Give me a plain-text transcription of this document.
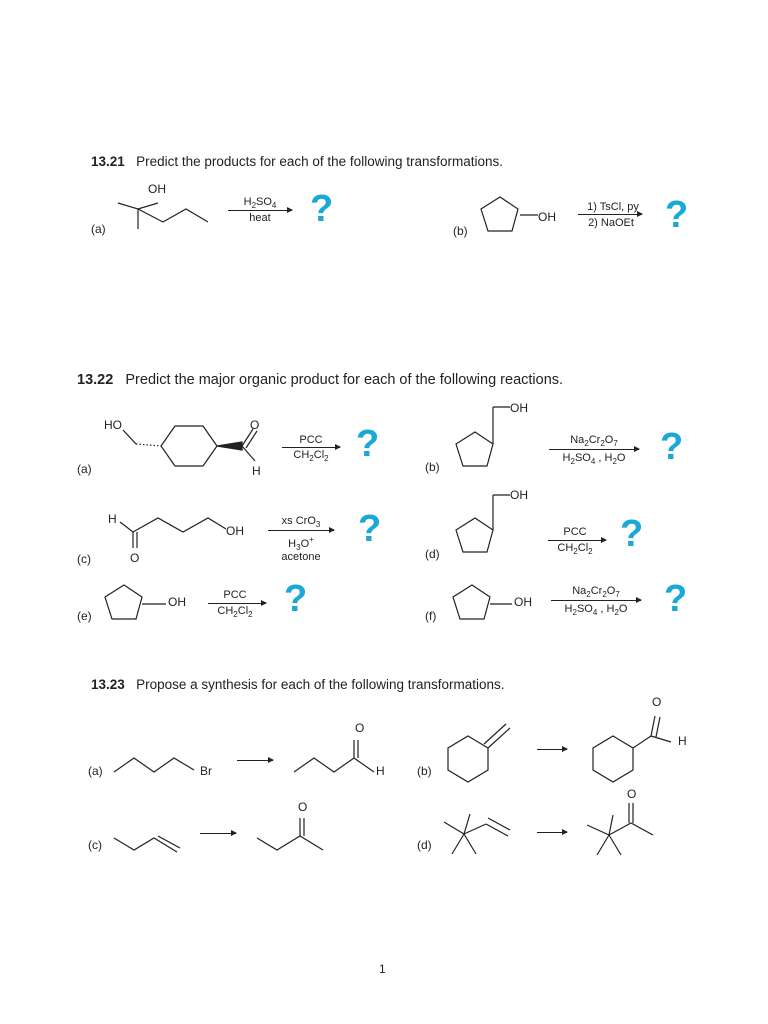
13.21 Predict the products for each of the following transformations.
(a)
OH
$H_2SO_4$
heat	?
(b)
OH
1) TsCl, py
2) NaOEt ?
13.22 Predict the major organic product for each of the following reactions.
(a)
HO	O
H
PCC
$CH_2Cl_2$ ?
(b)
OH
$Na_2Cr_2O_7$
$H_2SO_4$ , $H_2O$ ?
(c)
H
O
OH
xs CrO$_3$
$H_3O^+$
acetone
?
(d)
OH
PCC
$CH_2Cl_2$ ?
(e)
OH	PCC
$CH_2Cl_2$ ?	(f)
OH
$Na_2Cr_2O_7$
$H_2SO_4$ , $H_2O$ ?
13.23 Propose a synthesis for each of the following transformations.
(a)	Br
O
H	(b)
O
H
(c)
O
(d)
O
1
